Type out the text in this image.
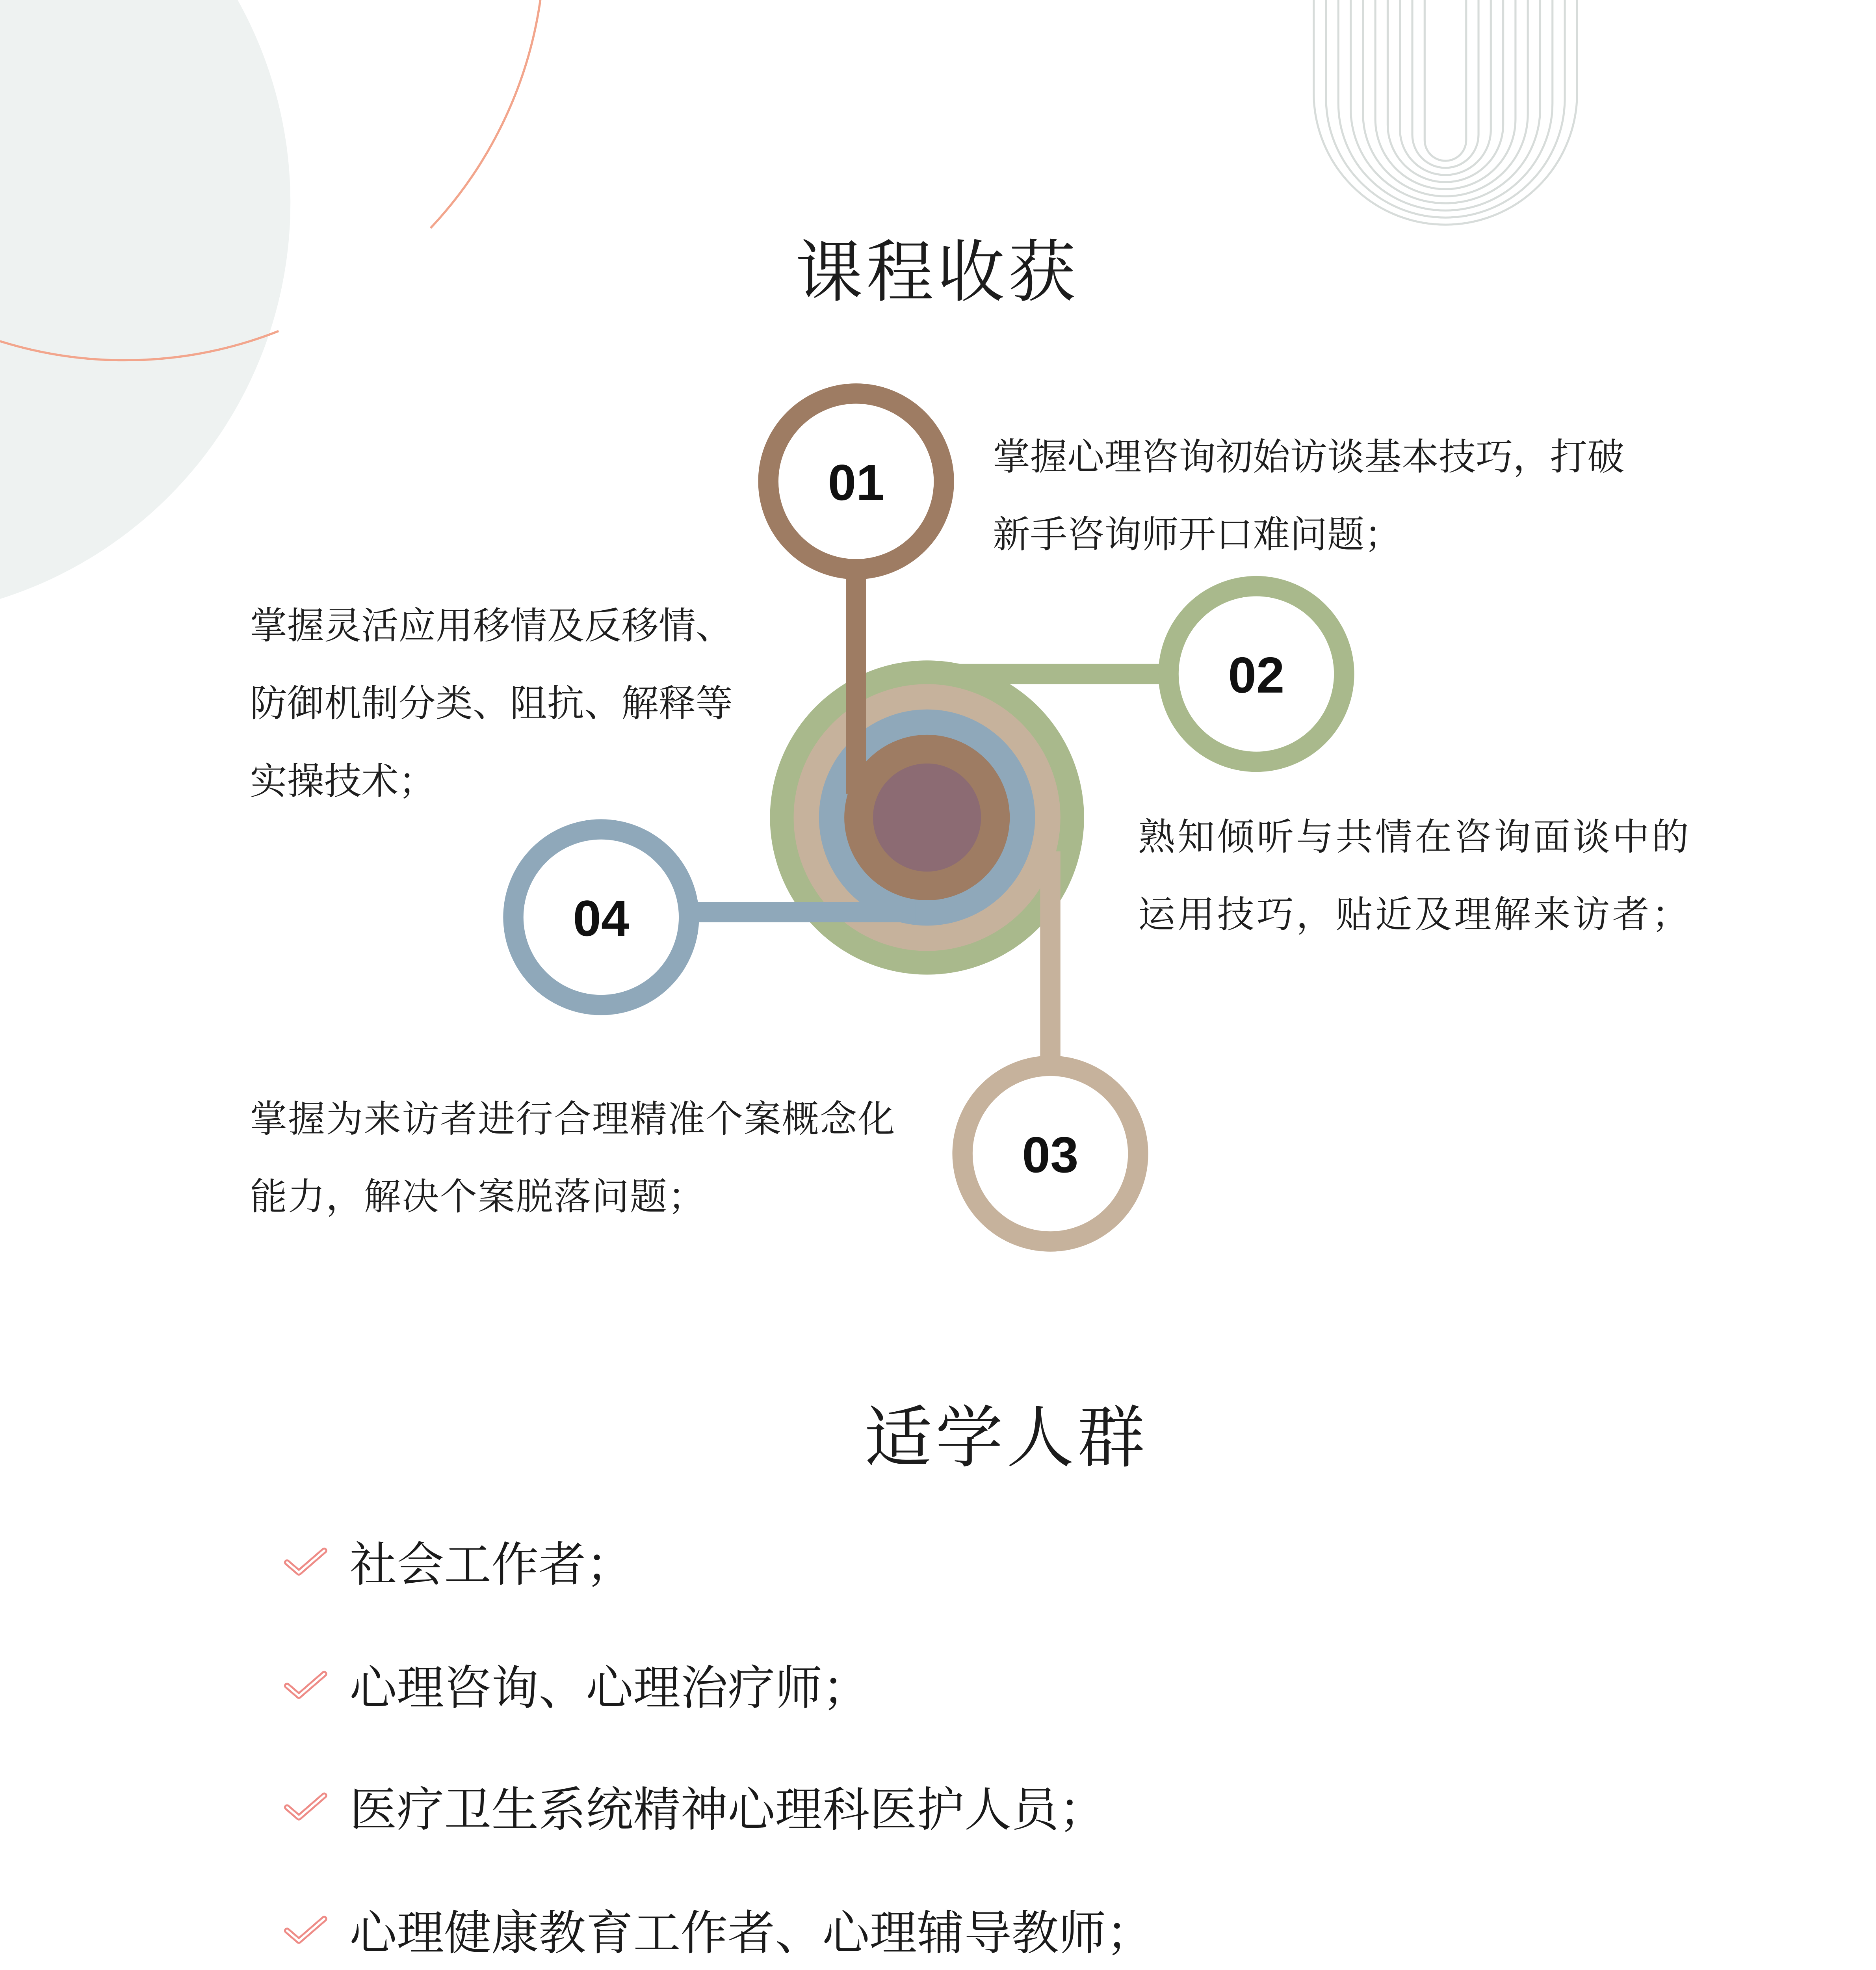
课程收获
01
02
03
04
掌握心理咨询初始访谈基本技巧，打破
新手咨询师开口难问题；
熟知倾听与共情在咨询面谈中的
运用技巧，贴近及理解来访者；
掌握为来访者进行合理精准个案概念化
能力，解决个案脱落问题；
掌握灵活应用移情及反移情、
防御机制分类、阻抗、解释等
实操技术；
适学人群
社会工作者；
心理咨询、心理治疗师；
医疗卫生系统精神心理科医护人员；
心理健康教育工作者、心理辅导教师；
